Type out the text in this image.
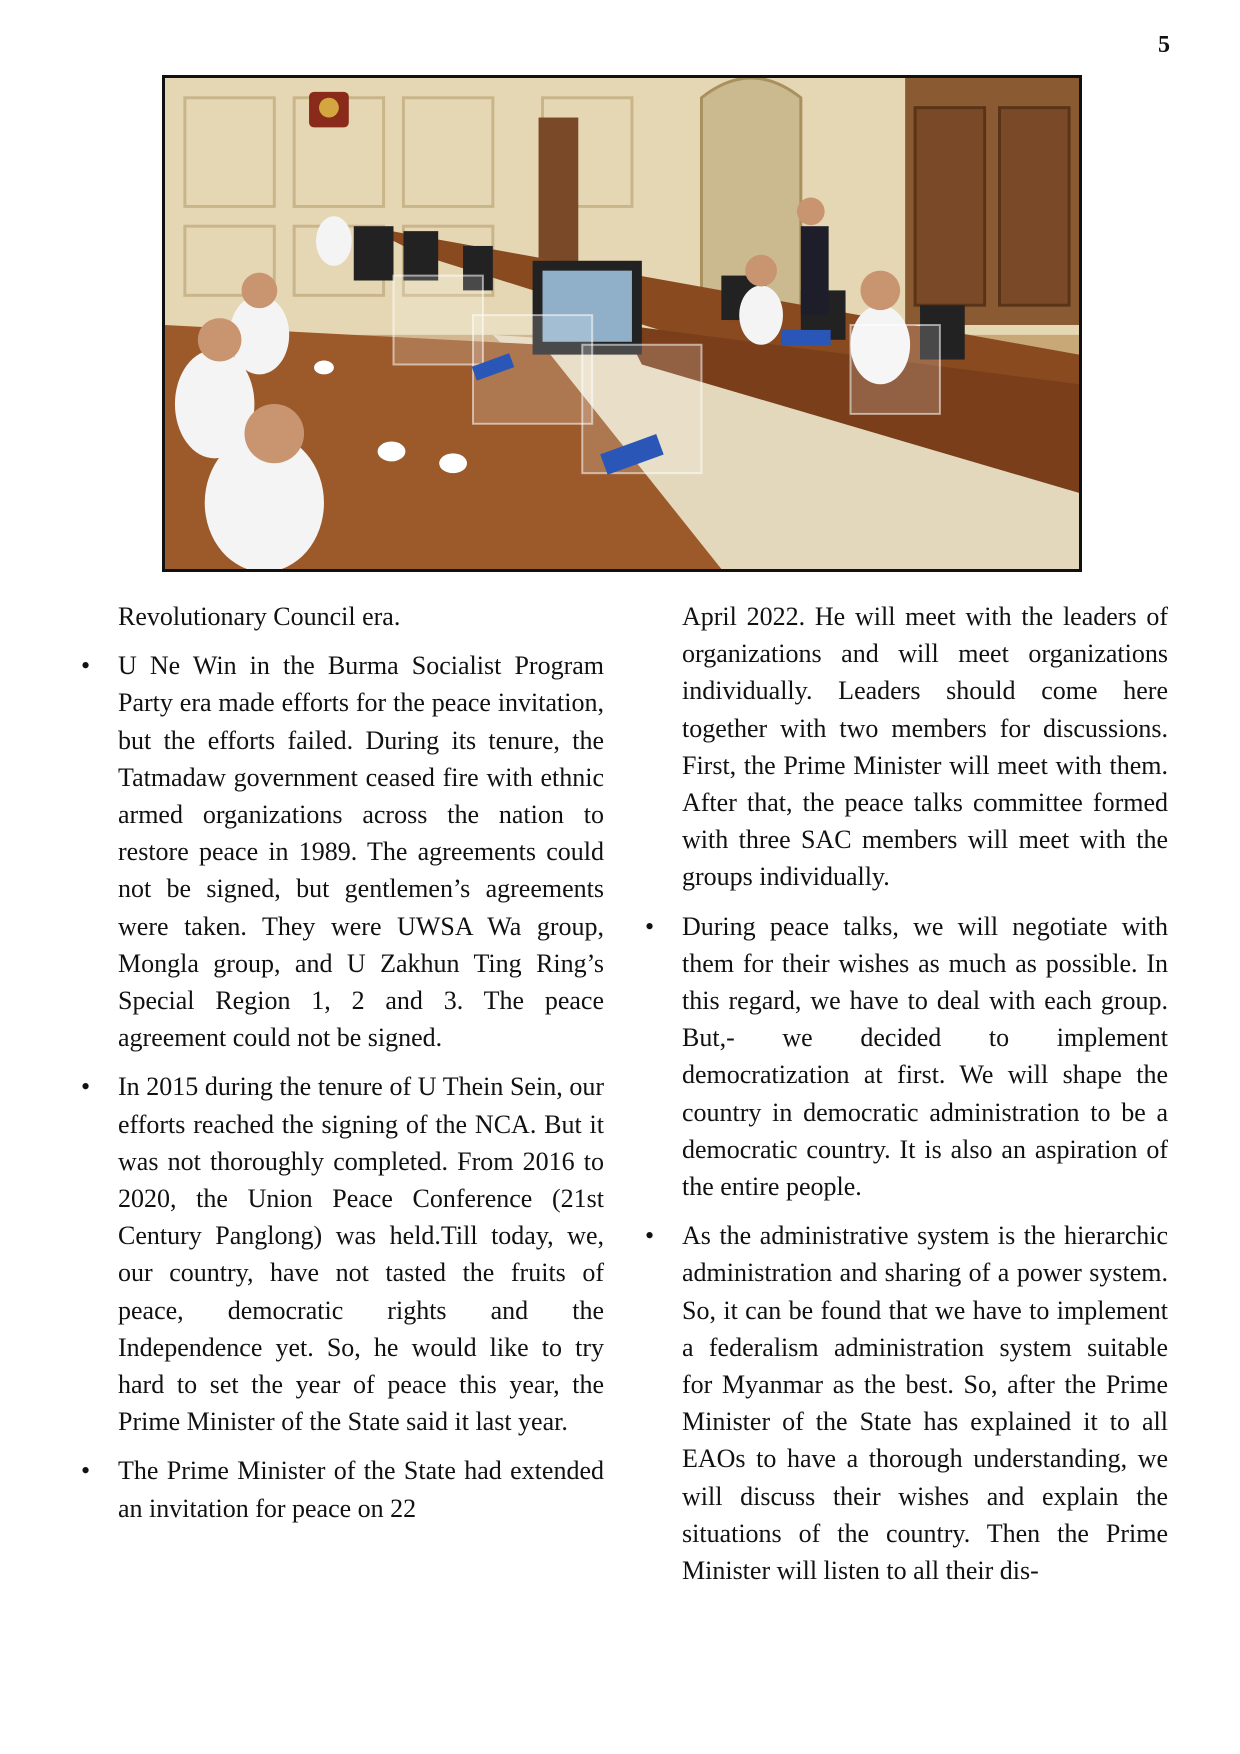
5

Revolutionary Council era.

• U Ne Win in the Burma Socialist Program Party era made efforts for the peace invitation, but the efforts failed. During its tenure, the Tatmadaw government ceased fire with ethnic armed organizations across the nation to restore peace in 1989. The agreements could not be signed, but gentlemen’s agreements were taken. They were UWSA Wa group, Mongla group, and U Zakhun Ting Ring’s Special Region 1, 2 and 3. The peace agreement could not be signed.

• In 2015 during the tenure of U Thein Sein, our efforts reached the signing of the NCA. But it was not thoroughly completed. From 2016 to 2020, the Union Peace Conference (21st Century Panglong) was held.Till today, we, our country, have not tasted the fruits of peace, democratic rights and the Independence yet. So, he would like to try hard to set the year of peace this year, the Prime Minister of the State said it last year.

• The Prime Minister of the State had extended an invitation for peace on 22

April 2022. He will meet with the leaders of organizations and will meet organizations individually. Leaders should come here together with two members for discussions. First, the Prime Minister will meet with them. After that, the peace talks committee formed with three SAC members will meet with the groups individually.

• During peace talks, we will negotiate with them for their wishes as much as possible. In this regard, we have to deal with each group. But,- we decided to implement democratization at first. We will shape the country in democratic administration to be a democratic country. It is also an aspiration of the entire people.

• As the administrative system is the hierarchic administration and sharing of a power system. So, it can be found that we have to implement a federalism administration system suitable for Myanmar as the best. So, after the Prime Minister of the State has explained it to all EAOs to have a thorough understanding, we will discuss their wishes and explain the situations of the country. Then the Prime Minister will listen to all their dis-
